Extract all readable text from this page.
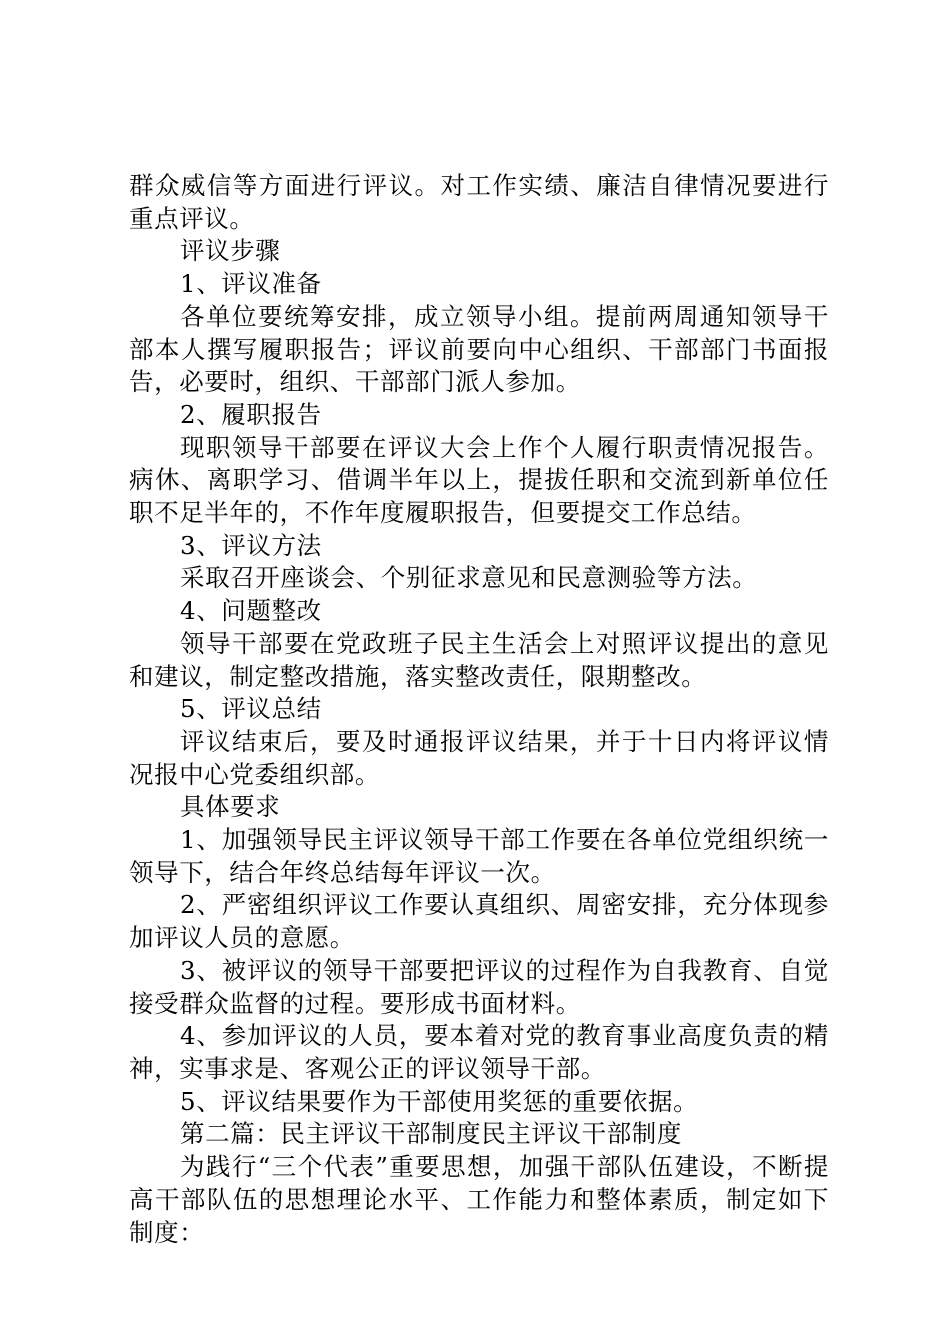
群众威信等方面进行评议。对工作实绩、廉洁自律情况要进行重点评议。

评议步骤

1、评议准备

各单位要统筹安排，成立领导小组。提前两周通知领导干部本人撰写履职报告；评议前要向中心组织、干部部门书面报告，必要时，组织、干部部门派人参加。

2、履职报告

现职领导干部要在评议大会上作个人履行职责情况报告。病休、离职学习、借调半年以上，提拔任职和交流到新单位任职不足半年的，不作年度履职报告，但要提交工作总结。

3、评议方法

采取召开座谈会、个别征求意见和民意测验等方法。

4、问题整改

领导干部要在党政班子民主生活会上对照评议提出的意见和建议，制定整改措施，落实整改责任，限期整改。

5、评议总结

评议结束后，要及时通报评议结果，并于十日内将评议情况报中心党委组织部。

具体要求

1、加强领导民主评议领导干部工作要在各单位党组织统一领导下，结合年终总结每年评议一次。

2、严密组织评议工作要认真组织、周密安排，充分体现参加评议人员的意愿。

3、被评议的领导干部要把评议的过程作为自我教育、自觉接受群众监督的过程。要形成书面材料。

4、参加评议的人员，要本着对党的教育事业高度负责的精神，实事求是、客观公正的评议领导干部。

5、评议结果要作为干部使用奖惩的重要依据。

第二篇：民主评议干部制度民主评议干部制度

为践行“三个代表”重要思想，加强干部队伍建设，不断提高干部队伍的思想理论水平、工作能力和整体素质，制定如下制度：
